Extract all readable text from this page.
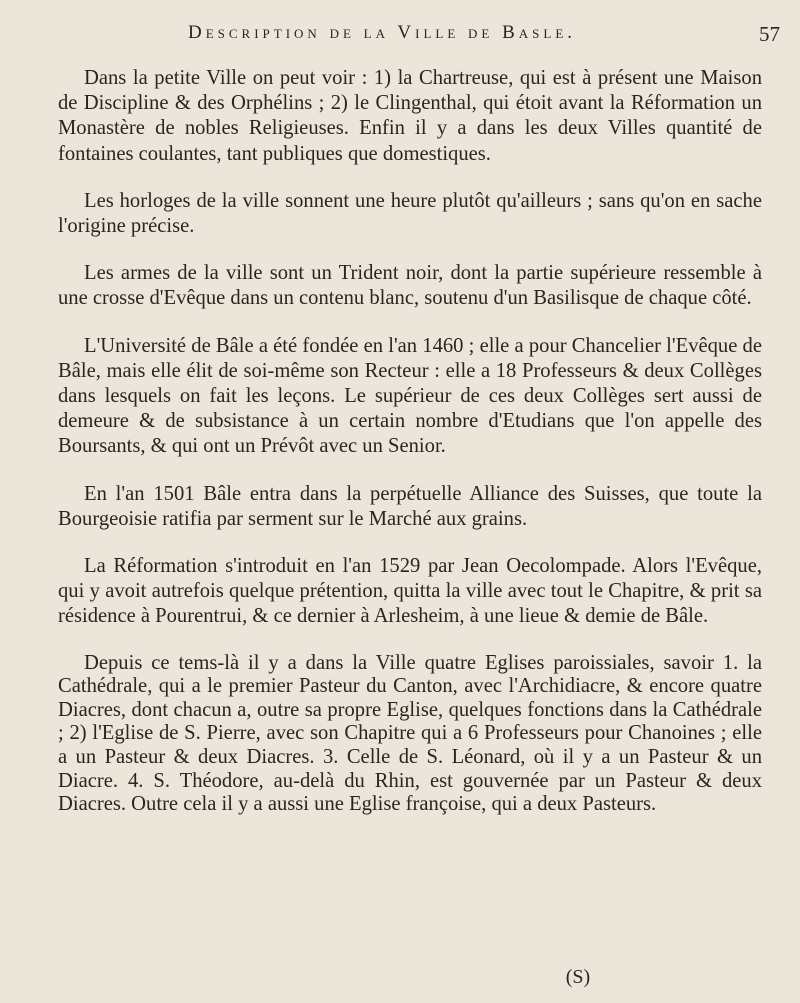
Description de la Ville de Basle.	57

Dans la petite Ville on peut voir : 1) la Chartreuse, qui est à présent une Maison de Discipline & des Orphélins ; 2) le Clingenthal, qui étoit avant la Réformation un Monastère de nobles Religieuses. Enfin il y a dans les deux Villes quantité de fontaines coulantes, tant publiques que domestiques.

Les horloges de la ville sonnent une heure plutôt qu'ailleurs ; sans qu'on en sache l'origine précise.

Les armes de la ville sont un Trident noir, dont la partie supérieure ressemble à une crosse d'Evêque dans un contenu blanc, soutenu d'un Basilisque de chaque côté.

L'Université de Bâle a été fondée en l'an 1460 ; elle a pour Chancelier l'Evêque de Bâle, mais elle élit de soi-même son Recteur : elle a 18 Professeurs & deux Collèges dans lesquels on fait les leçons. Le supérieur de ces deux Collèges sert aussi de demeure & de subsistance à un certain nombre d'Etudians que l'on appelle des Boursants, & qui ont un Prévôt avec un Senior.

En l'an 1501 Bâle entra dans la perpétuelle Alliance des Suisses, que toute la Bourgeoisie ratifia par serment sur le Marché aux grains.

La Réformation s'introduit en l'an 1529 par Jean Oecolompade. Alors l'Evêque, qui y avoit autrefois quelque prétention, quitta la ville avec tout le Chapitre, & prit sa résidence à Pourentrui, & ce dernier à Arlesheim, à une lieue & demie de Bâle.

Depuis ce tems-là il y a dans la Ville quatre Eglises paroissiales, savoir 1. la Cathédrale, qui a le premier Pasteur du Canton, avec l'Archidiacre, & encore quatre Diacres, dont chacun a, outre sa propre Eglise, quelques fonctions dans la Cathédrale ; 2) l'Eglise de S. Pierre, avec son Chapitre qui a 6 Professeurs pour Chanoines ; elle a un Pasteur & deux Diacres. 3. Celle de S. Léonard, où il y a un Pasteur & un Diacre. 4. S. Théodore, au-delà du Rhin, est gouvernée par un Pasteur & deux Diacres. Outre cela il y a aussi une Eglise françoise, qui a deux Pasteurs.

(S)
